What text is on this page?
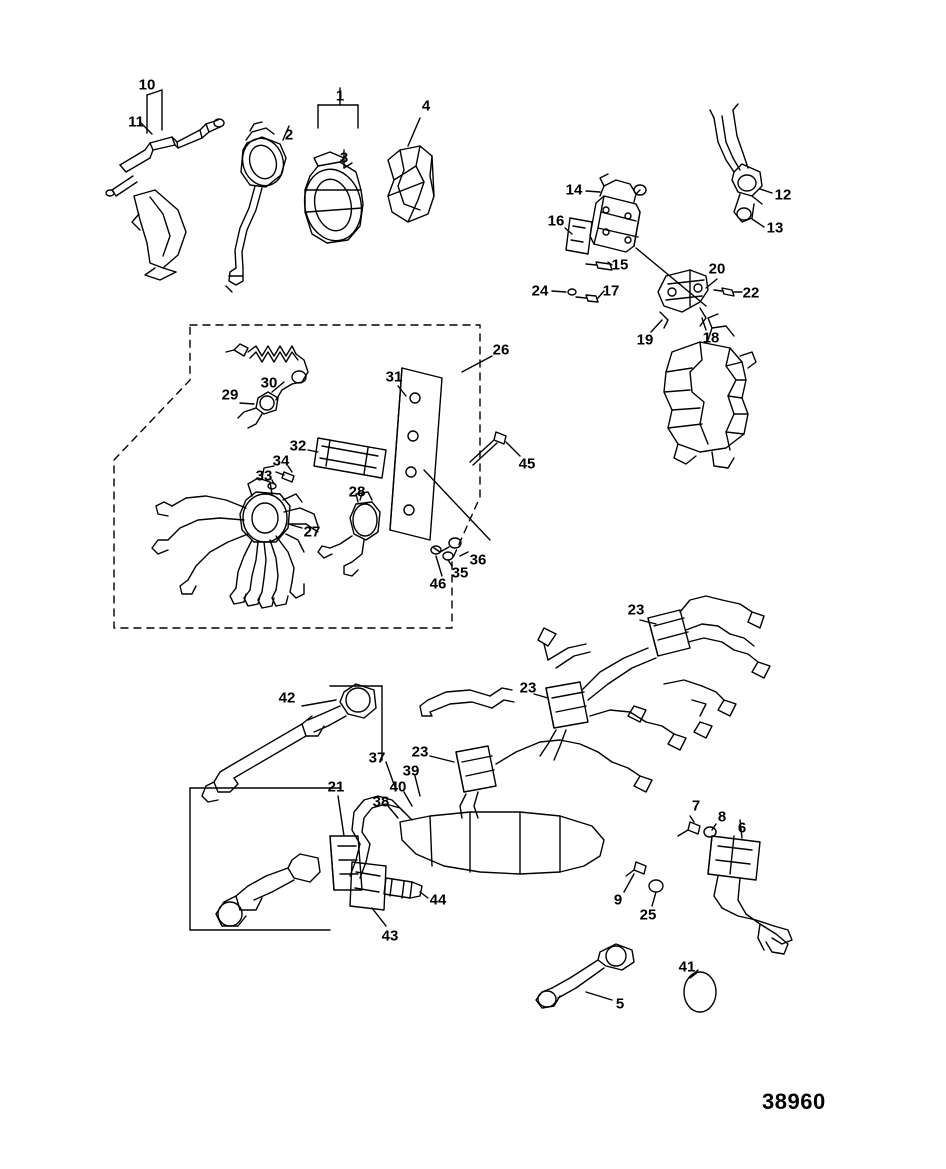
10
11
1
2
3
4
14
16
15
24	17
12
13
20
22
19	18
26
30
29
31
32
34
33
28
27
45
36
35
46
23
23
23
42
37
39
40
38
21
7
8
6
9
25
44
43
41
5
38960
